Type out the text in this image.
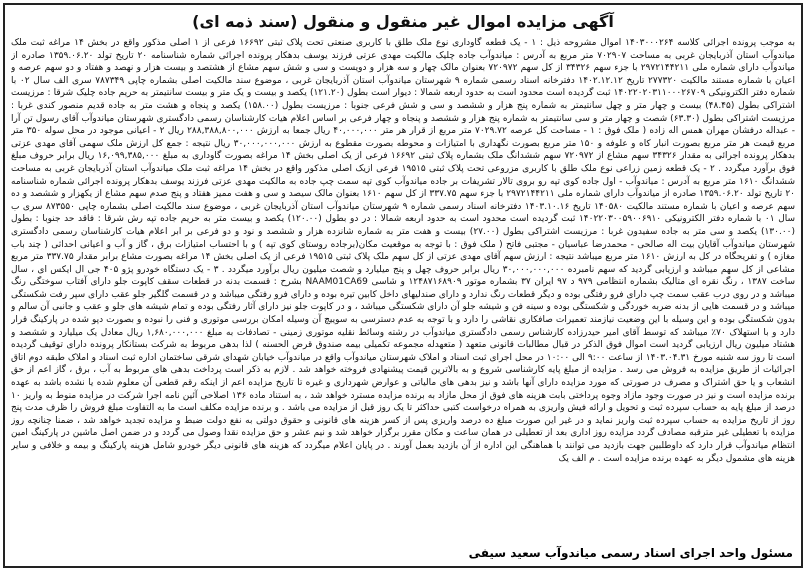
آگهی مزایده اموال غیر منقول و منقول (سند ذمه ای)
به موجب پرونده اجرائی کلاسه ۱۴۰۳۰۰۰۲۶۴ اموال مشروحه ذیل : ۱ - یک قطعه گاوداری نوع ملک طلق با کاربری صنعتی تحت پلاک ثبتی ۱۶۶۹۲ فرعی از ۱ اصلی مذکور واقع در بخش ۱۴ مراغه ثبت ملک میاندوآب استان آذربایجان غربی به مساحت ۷۰۲۹۰۷ متر مربع به آدرس : میاندوآب جاده چلیک مالکیت مهدی عزتی فرزند یوسف بدهکار پرونده اجرائی شماره شناسنامه ۲۰ تاریخ تولد ۱۳۵۹.۰۶.۲۰ صادره از میاندوآب دارای شماره ملی ۲۹۷۲۱۴۴۲۱۱ با جزء سهم ۳۴۳۲۶ از کل سهم ۷۲۰۹۷۲ بعنوان مالک چهار و سه هزار و دویست و سی و شش سهم مشاع از هشتصد و بیست هزار و نهصد و هفتاد و دو سهم عرصه و اعیان با شماره مستند مالکیت ۲۷۷۳۲۰ تاریخ ۱۴۰۲.۱۲.۱۲ دفترخانه اسناد رسمی شماره ۹ شهرستان میاندوآب استان آذربایجان غربی ، موضوع سند مالکیت اصلی بشماره چاپی ۷۸۷۳۴۹ سری الف سال ۰۲ با شماره دفتر الکترونیکی ۱۴۰۲۲۰۲۰۳۱۱۰۰۰۲۶۷۰۹ ثبت گردیده است محدود است به حدود اربعه شمالا : دیوار است بطول (۱۲۱.۲۰) یکصد و بیست و یک متر و بیست سانتیمتر به حریم جاده چلیک شرقا : مرزیست اشتراکی بطول (۴۸.۴۵) بیست و چهار متر و چهل سانتیمتر به شماره پنج هزار و ششصد و سی و شش فرعی جنوبا : مرزیست بطول (۱۵۸.۰۰) یکصد و پنجاه و هشت متر به جاده قدیم منصور کندی غربا : مرزیست اشتراکی بطول (۶۳.۳۰) شصت و چهار متر و سی سانتیمتر به شماره پنج هزار و ششصد و پنجاه و چهار فرعی بر اساس اعلام هیات کارشناسان رسمی دادگستری شهرستان میاندوآب آقای رسول تن آرا - عبداله درفشان مهران همس اله زاده ( ملک فوق : ۱ - مساحت کل عرصه ۷۰۲۹.۷۲ متر مربع از قرار هر متر ۴۰,۰۰۰,۰۰۰ ریال جمعا به ارزش ۲۸۸,۳۸۸,۸۰۰,۰۰۰ ریال ۲ - اعیانی موجود در محل سوله ۳۵۰ متر مربع قیمت هر متر مربع بصورت انبار کاه و علوفه و ۱۵۰ متر مربع بصورت نگهداری با امتیازات و محوطه بصورت مقطوع به ارزش ۳۰,۰۰۰,۰۰۰,۰۰۰ ریال نتیجه : جمع کل ارزش ملک سهمی آقای مهدی عزتی بدهکار پرونده اجرائی به مقدار ۳۴۳۲۶ سهم مشاع از ۷۲۰۹۷۲ سهم ششدانگ ملک بشماره پلاک ثبتی ۱۶۶۹۲ فرعی از یک اصلی بخش ۱۴ مراغه بصورت گاوداری به مبلغ ۱۶,۰۹۹,۳۸۵,۰۰۰ ریال برابر حروف مبلغ فوق برآورد میگردد . ۲ - یک قطعه زمین زراعی نوع ملک طلق با کاربری مزروعی تحت پلاک ثبتی ۱۹۵۱۵ فرعی ازیک اصلی مذکور واقع در بخش ۱۴ مراغه ثبت ملک میاندوآب استان آذربایجان غربی به مساحت ششدانگ ۱۶۱۰ متر مربع به آدرس : میاندوآب - اول جاده کوی تپه رو بروی تالار تشریفات بر جاده میاندوآب کوی تپه سمت چپ جاده به مالکیت مهدی عزتی فرزند یوسف بدهکار پرونده اجرائی شماره شناسنامه ۲۰ تاریخ تولد ۱۳۵۹.۰۶.۲۰ صادره از میاندوآب دارای شماره ملی ۲۹۷۲۱۴۴۲۱۱ با جزء سهم ۳۳۷.۷۵ از کل سهم ۱۶۱۰ بعنوان مالک سیصد و سی و هفت ممیز هفتاد و پنج صدم سهم مشاع از یکهزار و ششصد و ده سهم عرصه و اعیان با شماره مستند مالکیت ۱۴۰۵۸۰ تاریخ ۱۴۰۳.۱۰.۱۶ دفترخانه اسناد رسمی شماره ۹ شهرستان میاندوآب استان آذربایجان غربی ، موضوع سند مالکیت اصلی بشماره چاپی ۸۷۳۵۵۰ سری ب سال ۰۱ با شماره دفتر الکترونیکی ۱۴۰۲۲۰۳۰۰۵۹۰۰۶۹۱۰ ثبت گردیده است محدود است به حدود اربعه شمالا : در دو بطول (۱۲۰.۰۰) یکصد و بیست متر به حریم جاده تپه رش شرقا : فاقد حد جنوبا : بطول (۱۳۰.۰۰) یکصد و سی متر به جاده سفیدون غربا : مرزیست اشتراکی بطول (۲۷.۰۰) بیست و هفت متر به شماره شانزده هزار و ششصد و نود و دو فرعی بر ابر اعلام هیات کارشناسان رسمی دادگستری شهرستان میاندوآب آقایان بیت اله صالحی - محمدرضا عباسیان - مجتبی فاتح ( ملک فوق : با توجه به موقعیت مکان(برجاده روستای کوی تپه ) و با احتساب امتیازات برق ، گاز و آب و اعیانی احداثی ( چند باب مغازه ) و تفریحگاه در کل به ارزش ۱۶۱۰ متر مربع میباشد نتیجه : ارزش سهم آقای مهدی عزتی از کل سهم ملک پلاک ثبتی ۱۹۵۱۵ فرعی از یک اصلی بخش ۱۴ مراغه بصورت مشاع برابر مقدار ۳۳۷.۷۵ متر مربع مشاعی از کل سهم میباشد و ارزیابی گردید که سهم نامبرده ۳۰,۰۰۰,۰۰۰,۰۰۰ ریال برابر حروف چهل و پنج میلیارد و شصت میلیون ریال برآورد میگردد . ۳ - یک دستگاه خودرو پژو ۴۰۵ جی ال ایکس ای ، سال ساخت ۱۳۸۷ ، رنگ نقره ای متالیک بشماره انتظامی ۹۷۹ د ۹۷ ایران ۳۷ بشماره موتور ۱۲۴۸۷۱۶۸۹۰۹ و شاسی NAAM01CA69 بشرح : قسمت بدنه در قطعات سقف کاپوت جلو دارای آفتاب سوختگی رنگ میباشد و در روی درب عقب سمت چپ دارای فرو رفتگی بوده و دیگر قطعات رنگ ندارد و دارای صندلیهای داخل کابین تیره بوده و دارای فرو رفتگی میباشد و در قسمت گلگیر جلو عقب دارای سپر رفت شکستگی میباشد و در قسمت هایی از بدنه ضربه خوردگی و شکستگی بوده و سینه فن و شیشه جلو آن دارای شکستگی میباشد ، و در کاپوت جلو نیز دارای آثار رفتگی بوده و تمام شیشه های جلو و عقب و جانبی آن سالم و بدون شکستگی بوده و این وسیله با این وضعیت نیازمند تعمیرات صافکاری نقاشی را دارد و با توجه به عدم دسترسی به سوییچ آن وسیله امکان بررسی موتوری و فنی را نبوده و بصورت دپو شده در پارکینگ قرار دارد و با استهلاک ۷۰٪ میباشد که توسط آقای امیر حیدرزاده کارشناس رسمی دادگستری میاندوآب در رشته وسائط نقلیه موتوری زمینی - تصادفات به مبلغ ۱,۶۸۰,۰۰۰,۰۰۰ ریال معادل یک میلیارد و ششصد و هشتاد میلیون ریال ارزیابی گردید است اموال فوق الذکر در قبال مطالبات قانونی متعهد ( متعهدله مجموعه تکمیلی بیمه صندوق قرض الحسنه ) لذا بدهی مربوط به شرکت بستانکار پرونده دارای توقیف گردیده است تا روز سه شنبه مورخ ۱۴۰۳.۰۴.۳۱ از ساعت ۹:۰۰ الی ۱۰:۰۰ در محل اجرای ثبت اسناد و املاک شهرستان میاندوآب واقع در میاندوآب خیابان شهدای شرقی ساختمان اداره ثبت اسناد و املاک طبقه دوم اتاق اجرائیات از طریق مزایده به فروش می رسد . مزایده از مبلغ پایه کارشناسی شروع و به بالاترین قیمت پیشنهادی فروخته خواهد شد . لازم به ذکر است پرداخت بدهی های مربوط به آب ، برق ، گاز اعم از حق انشعاب و یا حق اشتراک و مصرف در صورتی که مورد مزایده دارای آنها باشد و نیز بدهی های مالیاتی و عوارض شهرداری و غیره تا تاریخ مزایده اعم از اینکه رقم قطعی آن معلوم شده یا نشده باشد به عهده برنده مزایده است و نیز در صورت وجود مازاد وجوه پرداختی بابت هزینه های فوق از محل مازاد به برنده مزایده مسترد خواهد شد ، به استناد ماده ۱۳۶ اصلاحی آئین نامه اجرا شرکت در مزایده منوط به واریز ۱۰ درصد از مبلغ پایه به حساب سپرده ثبت و تحویل و ارائه فیش واریزی به همراه درخواست کتبی حداکثر تا یک روز قبل از مزایده می باشد . و برنده مزایده مکلف است ما به التفاوت مبلغ فروش را ظرف مدت پنج روز از تاریخ مزایده به حساب سپرده ثبت واریز نماید و در غیر این صورت مبلغ ده درصد واریزی پس از کسر هزینه های قانونی و حقوق دولتی به نفع دولت ضبط و مزایده تجدید خواهد شد ، ضمنا چنانچه روز مزایده با تعطیلی غیر مترقبه مصادف گردد مزایده روز اداری بعد از تعطیلی در همان ساعت و مکان مقرر برگزار خواهد شد و نیم عشر و حق مزایده نقدا وصول می گردد و در ضمن اصل ماشین در پارکینگ امین انتظام میاندوآب قرار دارد که داوطلبین جهت بازدید می توانند با هماهنگی این اداره از آن بازدید بعمل آورند . در پایان اعلام میگردد که هزینه های قانونی دیگر خودرو شامل هزینه پارکینگ و بیمه و خلافی و سایر هزینه های مشمول دیگر به عهده برنده مزایده است . م الف یک
مسئول واحد اجرای اسناد رسمی میاندوآب سعید سیفی
